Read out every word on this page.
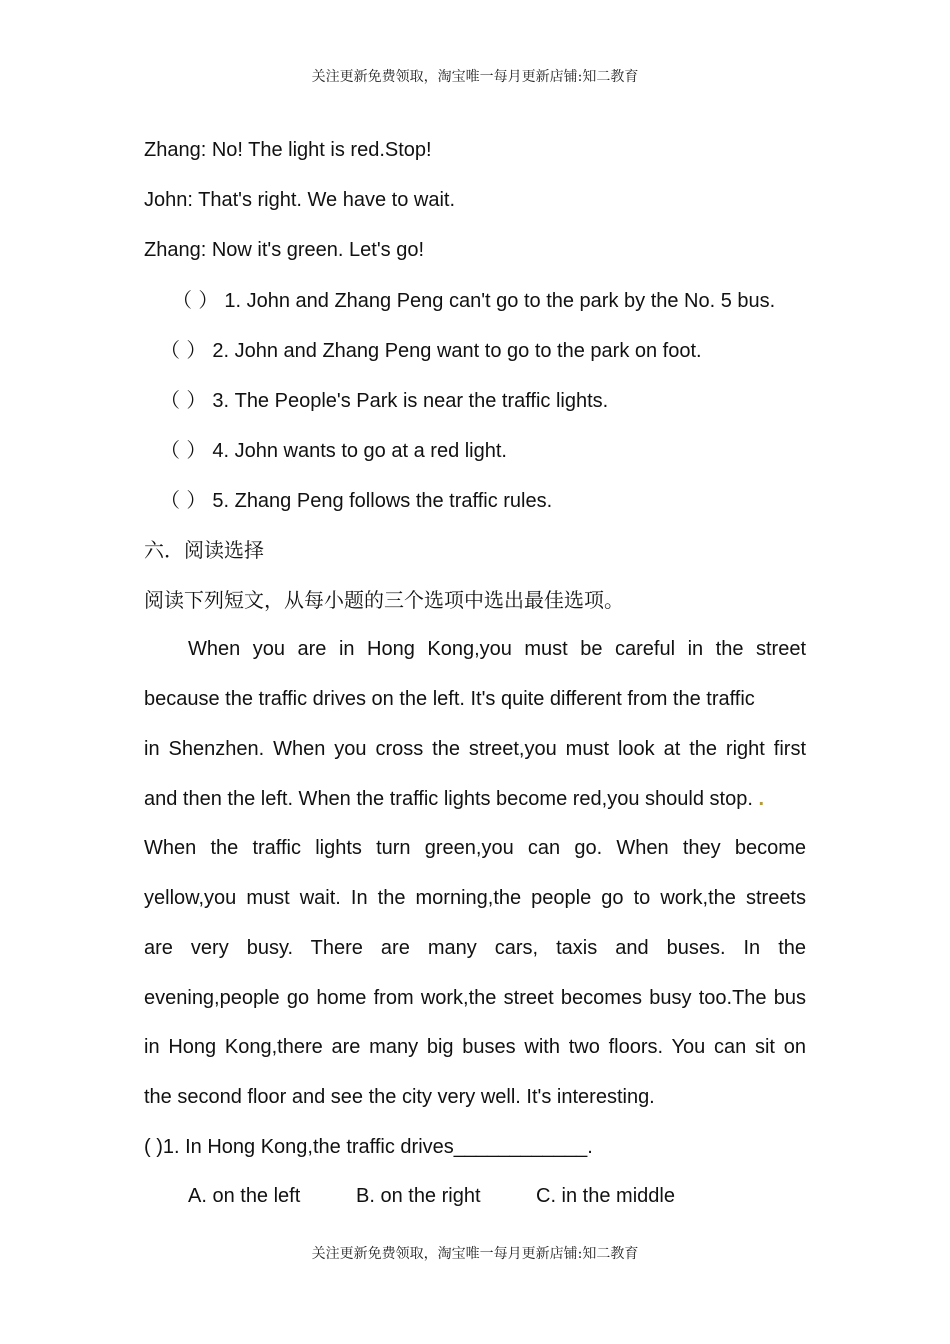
关注更新免费领取，淘宝唯一每月更新店铺:知二教育
Zhang: No! The light is red.Stop!
John: That's right. We have to wait.
Zhang: Now it's green. Let's go!
（ ） 1. John and Zhang Peng can't go to the park by the No. 5 bus.
（ ） 2. John and Zhang Peng want to go to the park on foot.
（ ） 3. The People's Park is near the traffic lights.
（ ） 4. John wants to go at a red light.
（ ） 5. Zhang Peng follows the traffic rules.
六．阅读选择
阅读下列短文，从每小题的三个选项中选出最佳选项。
When you are in Hong Kong,you must be careful in the street
because the traffic drives on the left. It's quite different from the traffic
in Shenzhen. When you cross the street,you must look at the right first
and then the left. When the traffic lights become red,you should stop. .
When the traffic lights turn green,you can go. When they become
yellow,you must wait. In the morning,the people go to work,the streets
are very busy. There are many cars, taxis and buses. In the
evening,people go home from work,the street becomes busy too.The bus
in Hong Kong,there are many big buses with two floors. You can sit on
the second floor and see the city very well. It's interesting.
( )1. In Hong Kong,the traffic drives____________.
A. on the left	B. on the right	C. in the middle
关注更新免费领取，淘宝唯一每月更新店铺:知二教育
